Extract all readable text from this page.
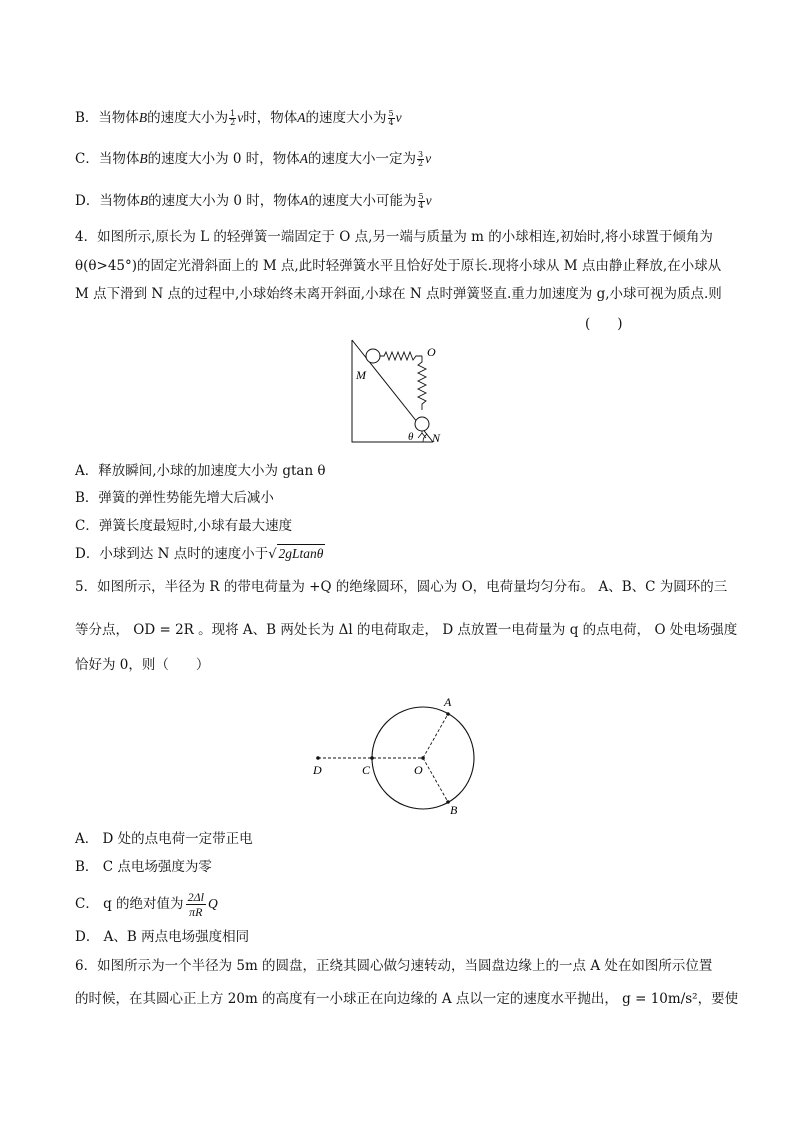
B．当物体B的速度大小为 $\frac{1}{2}$ v时，物体A的速度大小为 $\frac{5}{4}$ v
C．当物体B的速度大小为 0 时，物体A的速度大小一定为 $\frac{3}{2}$ v
D．当物体B的速度大小为 0 时，物体A的速度大小可能为 $\frac{5}{4}$ v
4．如图所示,原长为 L 的轻弹簧一端固定于 O 点,另一端与质量为 m 的小球相连,初始时,将小球置于倾角为
θ(θ>45°)的固定光滑斜面上的 M 点,此时轻弹簧水平且恰好处于原长.现将小球从 M 点由静止释放,在小球从
M 点下滑到 N 点的过程中,小球始终未离开斜面,小球在 N 点时弹簧竖直.重力加速度为 g,小球可视为质点.则
(　　)
O
M
N
θ
A．释放瞬间,小球的加速度大小为 gtan θ
B．弹簧的弹性势能先增大后减小
C．弹簧长度最短时,小球有最大速度
D．小球到达 N 点时的速度小于√ 2gLtanθ
5．如图所示，半径为 R 的带电荷量为 +Q 的绝缘圆环，圆心为 O，电荷量均匀分布。 A、B、C 为圆环的三
等分点， OD = 2R 。现将 A、B 两处长为 Δl 的电荷取走， D 点放置一电荷量为 q 的点电荷， O 处电场强度
恰好为 0，则（　　）
A
B
C
D	O
A． D 处的点电荷一定带正电
B． C 点电场强度为零
C． q 的绝对值为 $\frac{2\Delta l}{\pi R}$ Q
D． A、B 两点电场强度相同
6．如图所示为一个半径为 5m 的圆盘，正绕其圆心做匀速转动，当圆盘边缘上的一点 A 处在如图所示位置
的时候，在其圆心正上方 20m 的高度有一小球正在向边缘的 A 点以一定的速度水平抛出， g = 10m/s²，要使
